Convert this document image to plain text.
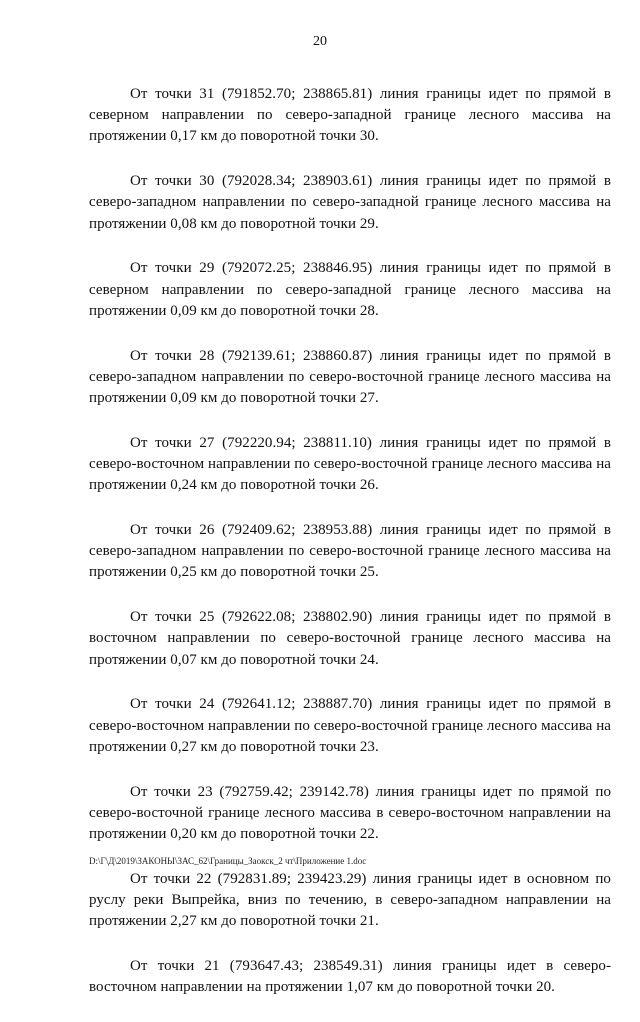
20

От точки 31 (791852.70; 238865.81) линия границы идет по прямой в северном направлении по северо-западной границе лесного массива на протяжении 0,17 км до поворотной точки 30.

От точки 30 (792028.34; 238903.61) линия границы идет по прямой в северо-западном направлении по северо-западной границе лесного массива на протяжении 0,08 км до поворотной точки 29.

От точки 29 (792072.25; 238846.95) линия границы идет по прямой в северном направлении по северо-западной границе лесного массива на протяжении 0,09 км до поворотной точки 28.

От точки 28 (792139.61; 238860.87) линия границы идет по прямой в северо-западном направлении по северо-восточной границе лесного массива на протяжении 0,09 км до поворотной точки 27.

От точки 27 (792220.94; 238811.10) линия границы идет по прямой в северо-восточном направлении по северо-восточной границе лесного массива на протяжении 0,24 км до поворотной точки 26.

От точки 26 (792409.62; 238953.88) линия границы идет по прямой в северо-западном направлении по северо-восточной границе лесного массива на протяжении 0,25 км до поворотной точки 25.

От точки 25 (792622.08; 238802.90) линия границы идет по прямой в восточном направлении по северо-восточной границе лесного массива на протяжении 0,07 км до поворотной точки 24.

От точки 24 (792641.12; 238887.70) линия границы идет по прямой в северо-восточном направлении по северо-восточной границе лесного массива на протяжении 0,27 км до поворотной точки 23.

От точки 23 (792759.42; 239142.78) линия границы идет по прямой по северо-восточной границе лесного массива в северо-восточном направлении на протяжении 0,20 км до поворотной точки 22.

От точки 22 (792831.89; 239423.29) линия границы идет в основном по руслу реки Выпрейка, вниз по течению, в северо-западном направлении на протяжении 2,27 км до поворотной точки 21.

От точки 21 (793647.43; 238549.31) линия границы идет в северо-восточном направлении на протяжении 1,07 км до поворотной точки 20.

D:\Г\Д\2019\ЗАКОНЫ\ЗАС_62\Границы_Заокск_2 чт\Приложение 1.doc
